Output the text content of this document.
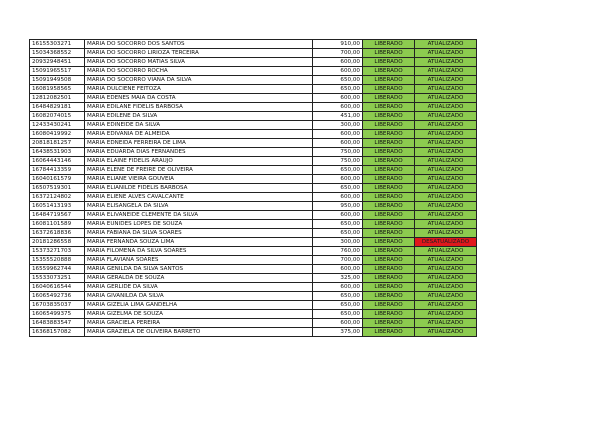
16155303271	MARIA DO SOCORRO DOS SANTOS	910,00	LIBERADO	ATUALIZADO
15034368552	MARIA DO SOCORRO LIRIOZA TERCEIRA	700,00	LIBERADO	ATUALIZADO
20932948451	MARIA DO SOCORRO MATIAS SILVA	600,00	LIBERADO	ATUALIZADO
15091965517	MARIA DO SOCORRO ROCHA	600,00	LIBERADO	ATUALIZADO
15091949508	MARIA DO SOCORRO VIANA DA SILVA	650,00	LIBERADO	ATUALIZADO
16081958565	MARIA DULCIENE FEITOZA	650,00	LIBERADO	ATUALIZADO
12812082501	MARIA EDENES MAIA DA COSTA	600,00	LIBERADO	ATUALIZADO
16484829181	MARIA EDILANE FIDELIS BARBOSA	600,00	LIBERADO	ATUALIZADO
16082074015	MARIA EDILENE DA SILVA	451,00	LIBERADO	ATUALIZADO
12433430241	MARIA EDINEIDE DA SILVA	300,00	LIBERADO	ATUALIZADO
16080419992	MARIA EDIVANIA DE ALMEIDA	600,00	LIBERADO	ATUALIZADO
20818181257	MARIA EDNEIDA FERREIRA DE LIMA	600,00	LIBERADO	ATUALIZADO
16438531903	MARIA EDUARDA DIAS FERNANDES	750,00	LIBERADO	ATUALIZADO
16064443146	MARIA ELAINE FIDELIS ARAUJO	750,00	LIBERADO	ATUALIZADO
16784413359	MARIA ELENE DE FREIRE DE OLIVEIRA	650,00	LIBERADO	ATUALIZADO
16040161579	MARIA ELIANE VIEIRA GOUVEIA	600,00	LIBERADO	ATUALIZADO
16507519301	MARIA ELIANILDE FIDELIS BARBOSA	650,00	LIBERADO	ATUALIZADO
16372124802	MARIA ELIENE ALVES CAVALCANTE	600,00	LIBERADO	ATUALIZADO
16051413193	MARIA ELISANGELA DA SILVA	950,00	LIBERADO	ATUALIZADO
16484719567	MARIA ELIVANEIDE CLEMENTE DA SILVA	600,00	LIBERADO	ATUALIZADO
16081101589	MARIA EUNIDES LOPES DE SOUZA	650,00	LIBERADO	ATUALIZADO
16372618836	MARIA FABIANA DA SILVA SOARES	650,00	LIBERADO	ATUALIZADO
20181286558	MARIA FERNANDA SOUZA LIMA	300,00	LIBERADO	DESATUALIZADO
15373271703	MARIA FILOMENA DA SILVA SOARES	760,00	LIBERADO	ATUALIZADO
15355520888	MARIA FLAVIANA SOARES	700,00	LIBERADO	ATUALIZADO
16559962744	MARIA GENILDA DA SILVA SANTOS	600,00	LIBERADO	ATUALIZADO
15533073251	MARIA GERALDA DE SOUZA	325,00	LIBERADO	ATUALIZADO
16040616544	MARIA GERLIDE DA SILVA	600,00	LIBERADO	ATUALIZADO
16065492736	MARIA GIVANILDA DA SILVA	650,00	LIBERADO	ATUALIZADO
16703835037	MARIA GIZELIA LIMA GANDELHA	650,00	LIBERADO	ATUALIZADO
16065499375	MARIA GIZELMA DE SOUZA	650,00	LIBERADO	ATUALIZADO
16483883547	MARIA GRACIELA PEREIRA	600,00	LIBERADO	ATUALIZADO
16368157082	MARIA GRAZIELA DE OLIVEIRA BARRETO	375,00	LIBERADO	ATUALIZADO
